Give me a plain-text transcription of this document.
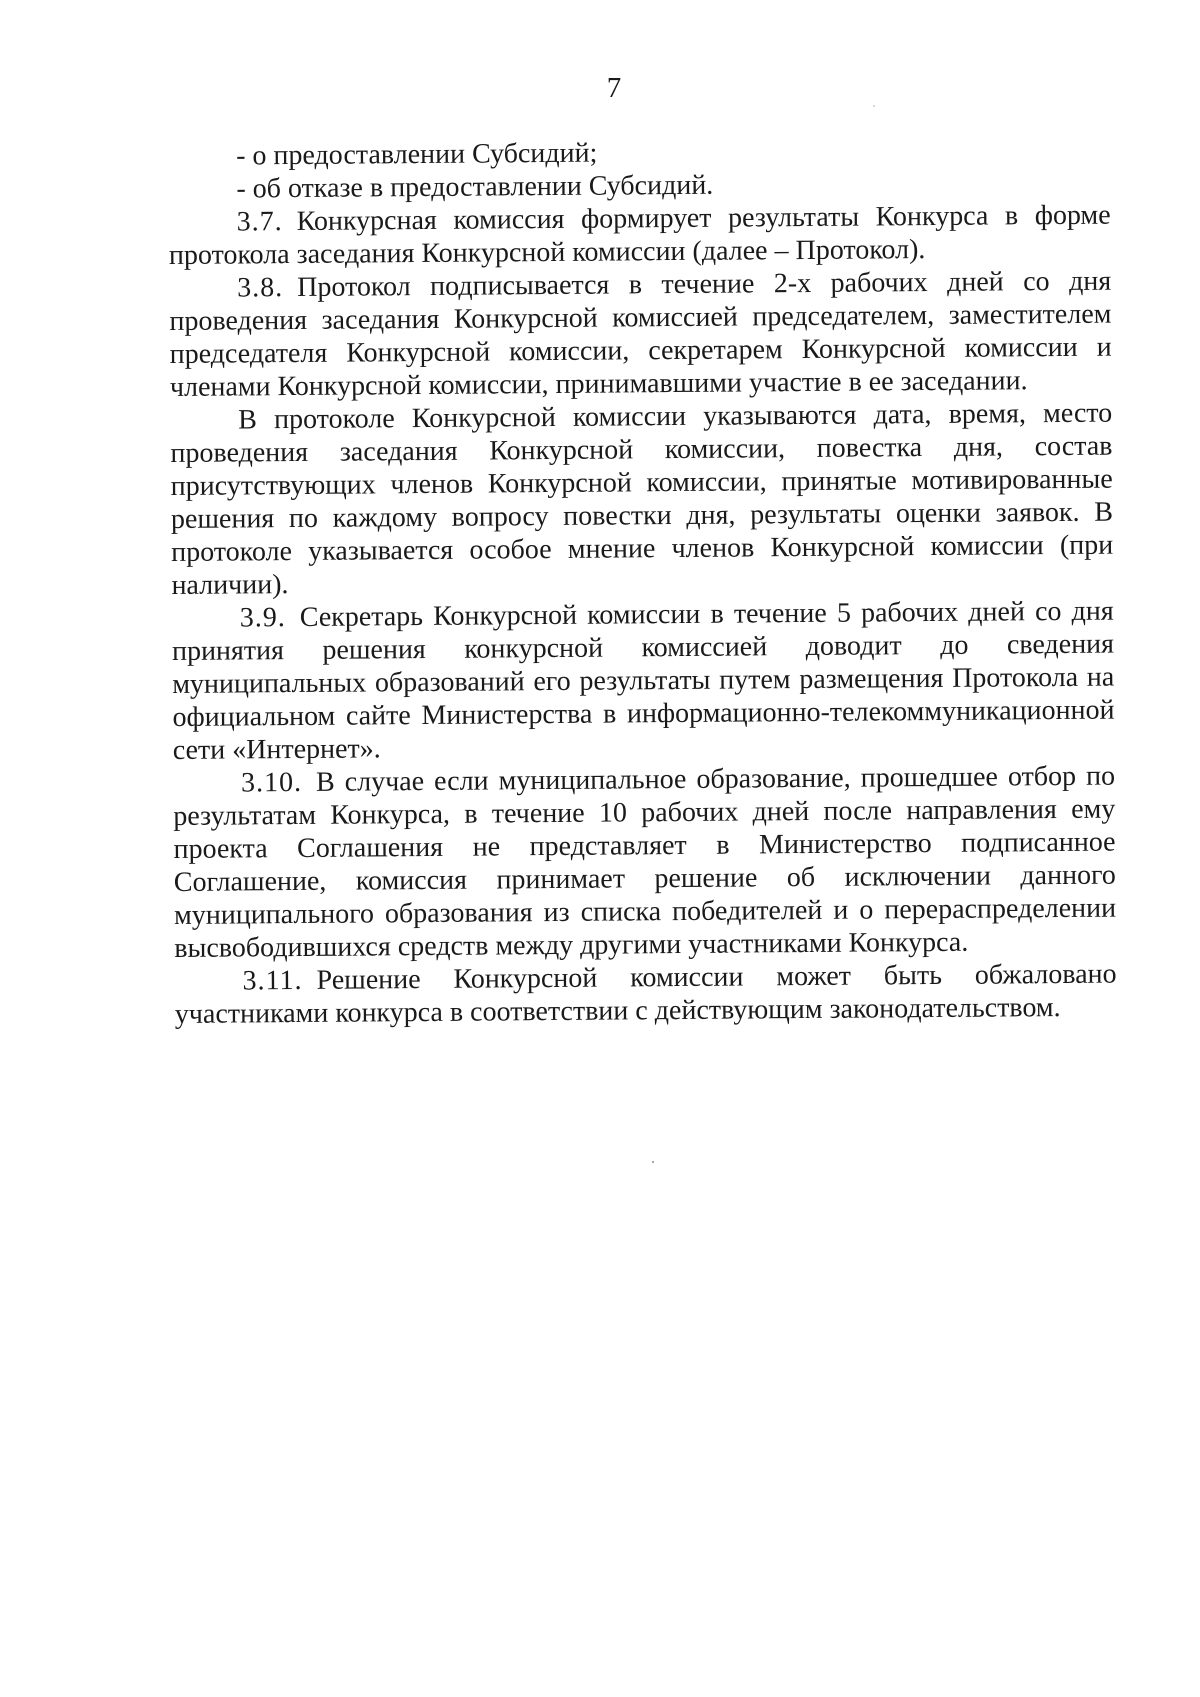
7

- о предоставлении Субсидий;

- об отказе в предоставлении Субсидий.

3.7. Конкурсная комиссия формирует результаты Конкурса в форме протокола заседания Конкурсной комиссии (далее – Протокол).

3.8. Протокол подписывается в течение 2-х рабочих дней со дня проведения заседания Конкурсной комиссией председателем, заместителем председателя Конкурсной комиссии, секретарем Конкурсной комиссии и членами Конкурсной комиссии, принимавшими участие в ее заседании.

В протоколе Конкурсной комиссии указываются дата, время, место проведения заседания Конкурсной комиссии, повестка дня, состав присутствующих членов Конкурсной комиссии, принятые мотивированные решения по каждому вопросу повестки дня, результаты оценки заявок. В протоколе указывается особое мнение членов Конкурсной комиссии (при наличии).

3.9. Секретарь Конкурсной комиссии в течение 5 рабочих дней со дня принятия решения конкурсной комиссией доводит до сведения муниципальных образований его результаты путем размещения Протокола на официальном сайте Министерства в информационно-телекоммуникационной сети «Интернет».

3.10. В случае если муниципальное образование, прошедшее отбор по результатам Конкурса, в течение 10 рабочих дней после направления ему проекта Соглашения не представляет в Министерство подписанное Соглашение, комиссия принимает решение об исключении данного муниципального образования из списка победителей и о перераспределении высвободившихся средств между другими участниками Конкурса.

3.11. Решение Конкурсной комиссии может быть обжаловано участниками конкурса в соответствии с действующим законодательством.
